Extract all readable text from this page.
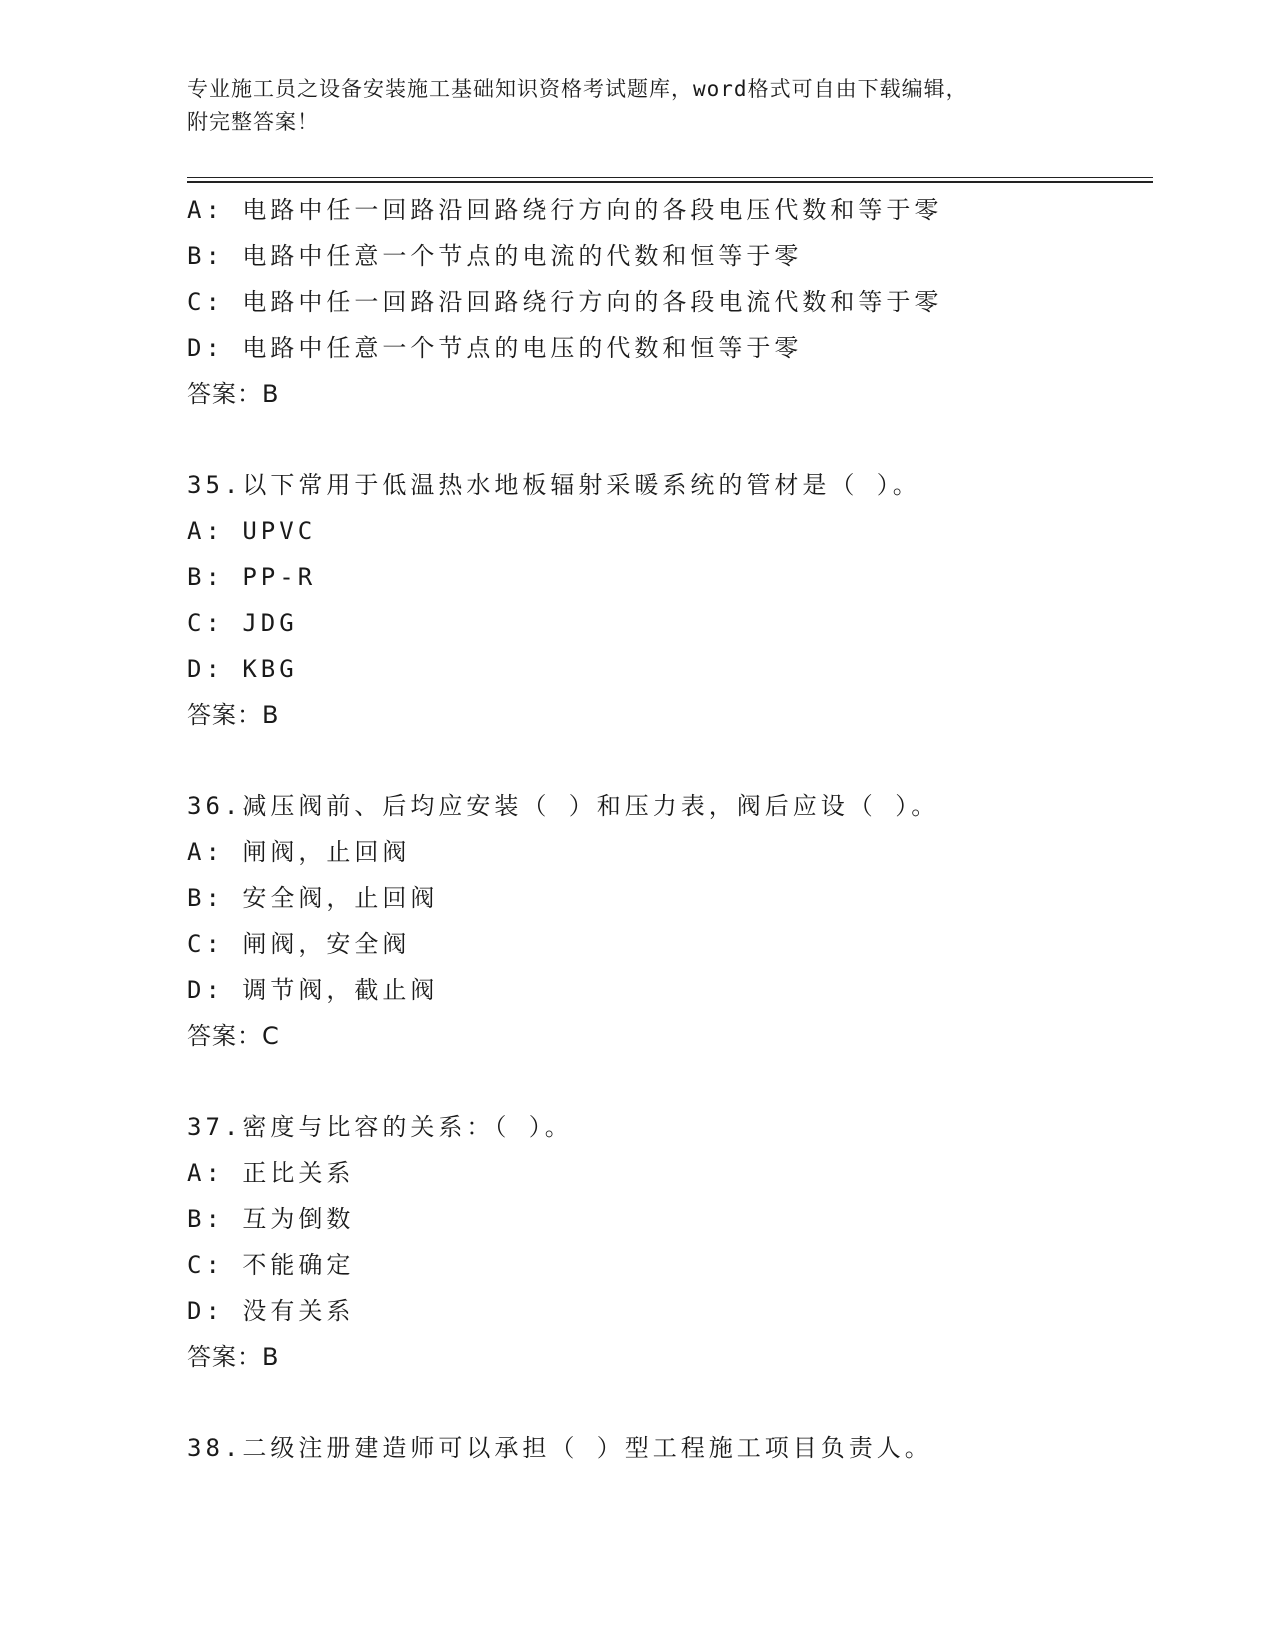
专业施工员之设备安装施工基础知识资格考试题库，word格式可自由下载编辑，
附完整答案！
A: 电路中任一回路沿回路绕行方向的各段电压代数和等于零
B: 电路中任意一个节点的电流的代数和恒等于零
C: 电路中任一回路沿回路绕行方向的各段电流代数和等于零
D: 电路中任意一个节点的电压的代数和恒等于零
答案：B
35.以下常用于低温热水地板辐射采暖系统的管材是（ ）。
A: UPVC
B: PP-R
C: JDG
D: KBG
答案：B
36.减压阀前、后均应安装（ ）和压力表，阀后应设（ ）。
A: 闸阀，止回阀
B: 安全阀，止回阀
C: 闸阀，安全阀
D: 调节阀，截止阀
答案：C
37.密度与比容的关系：（ ）。
A: 正比关系
B: 互为倒数
C: 不能确定
D: 没有关系
答案：B
38.二级注册建造师可以承担（ ）型工程施工项目负责人。
